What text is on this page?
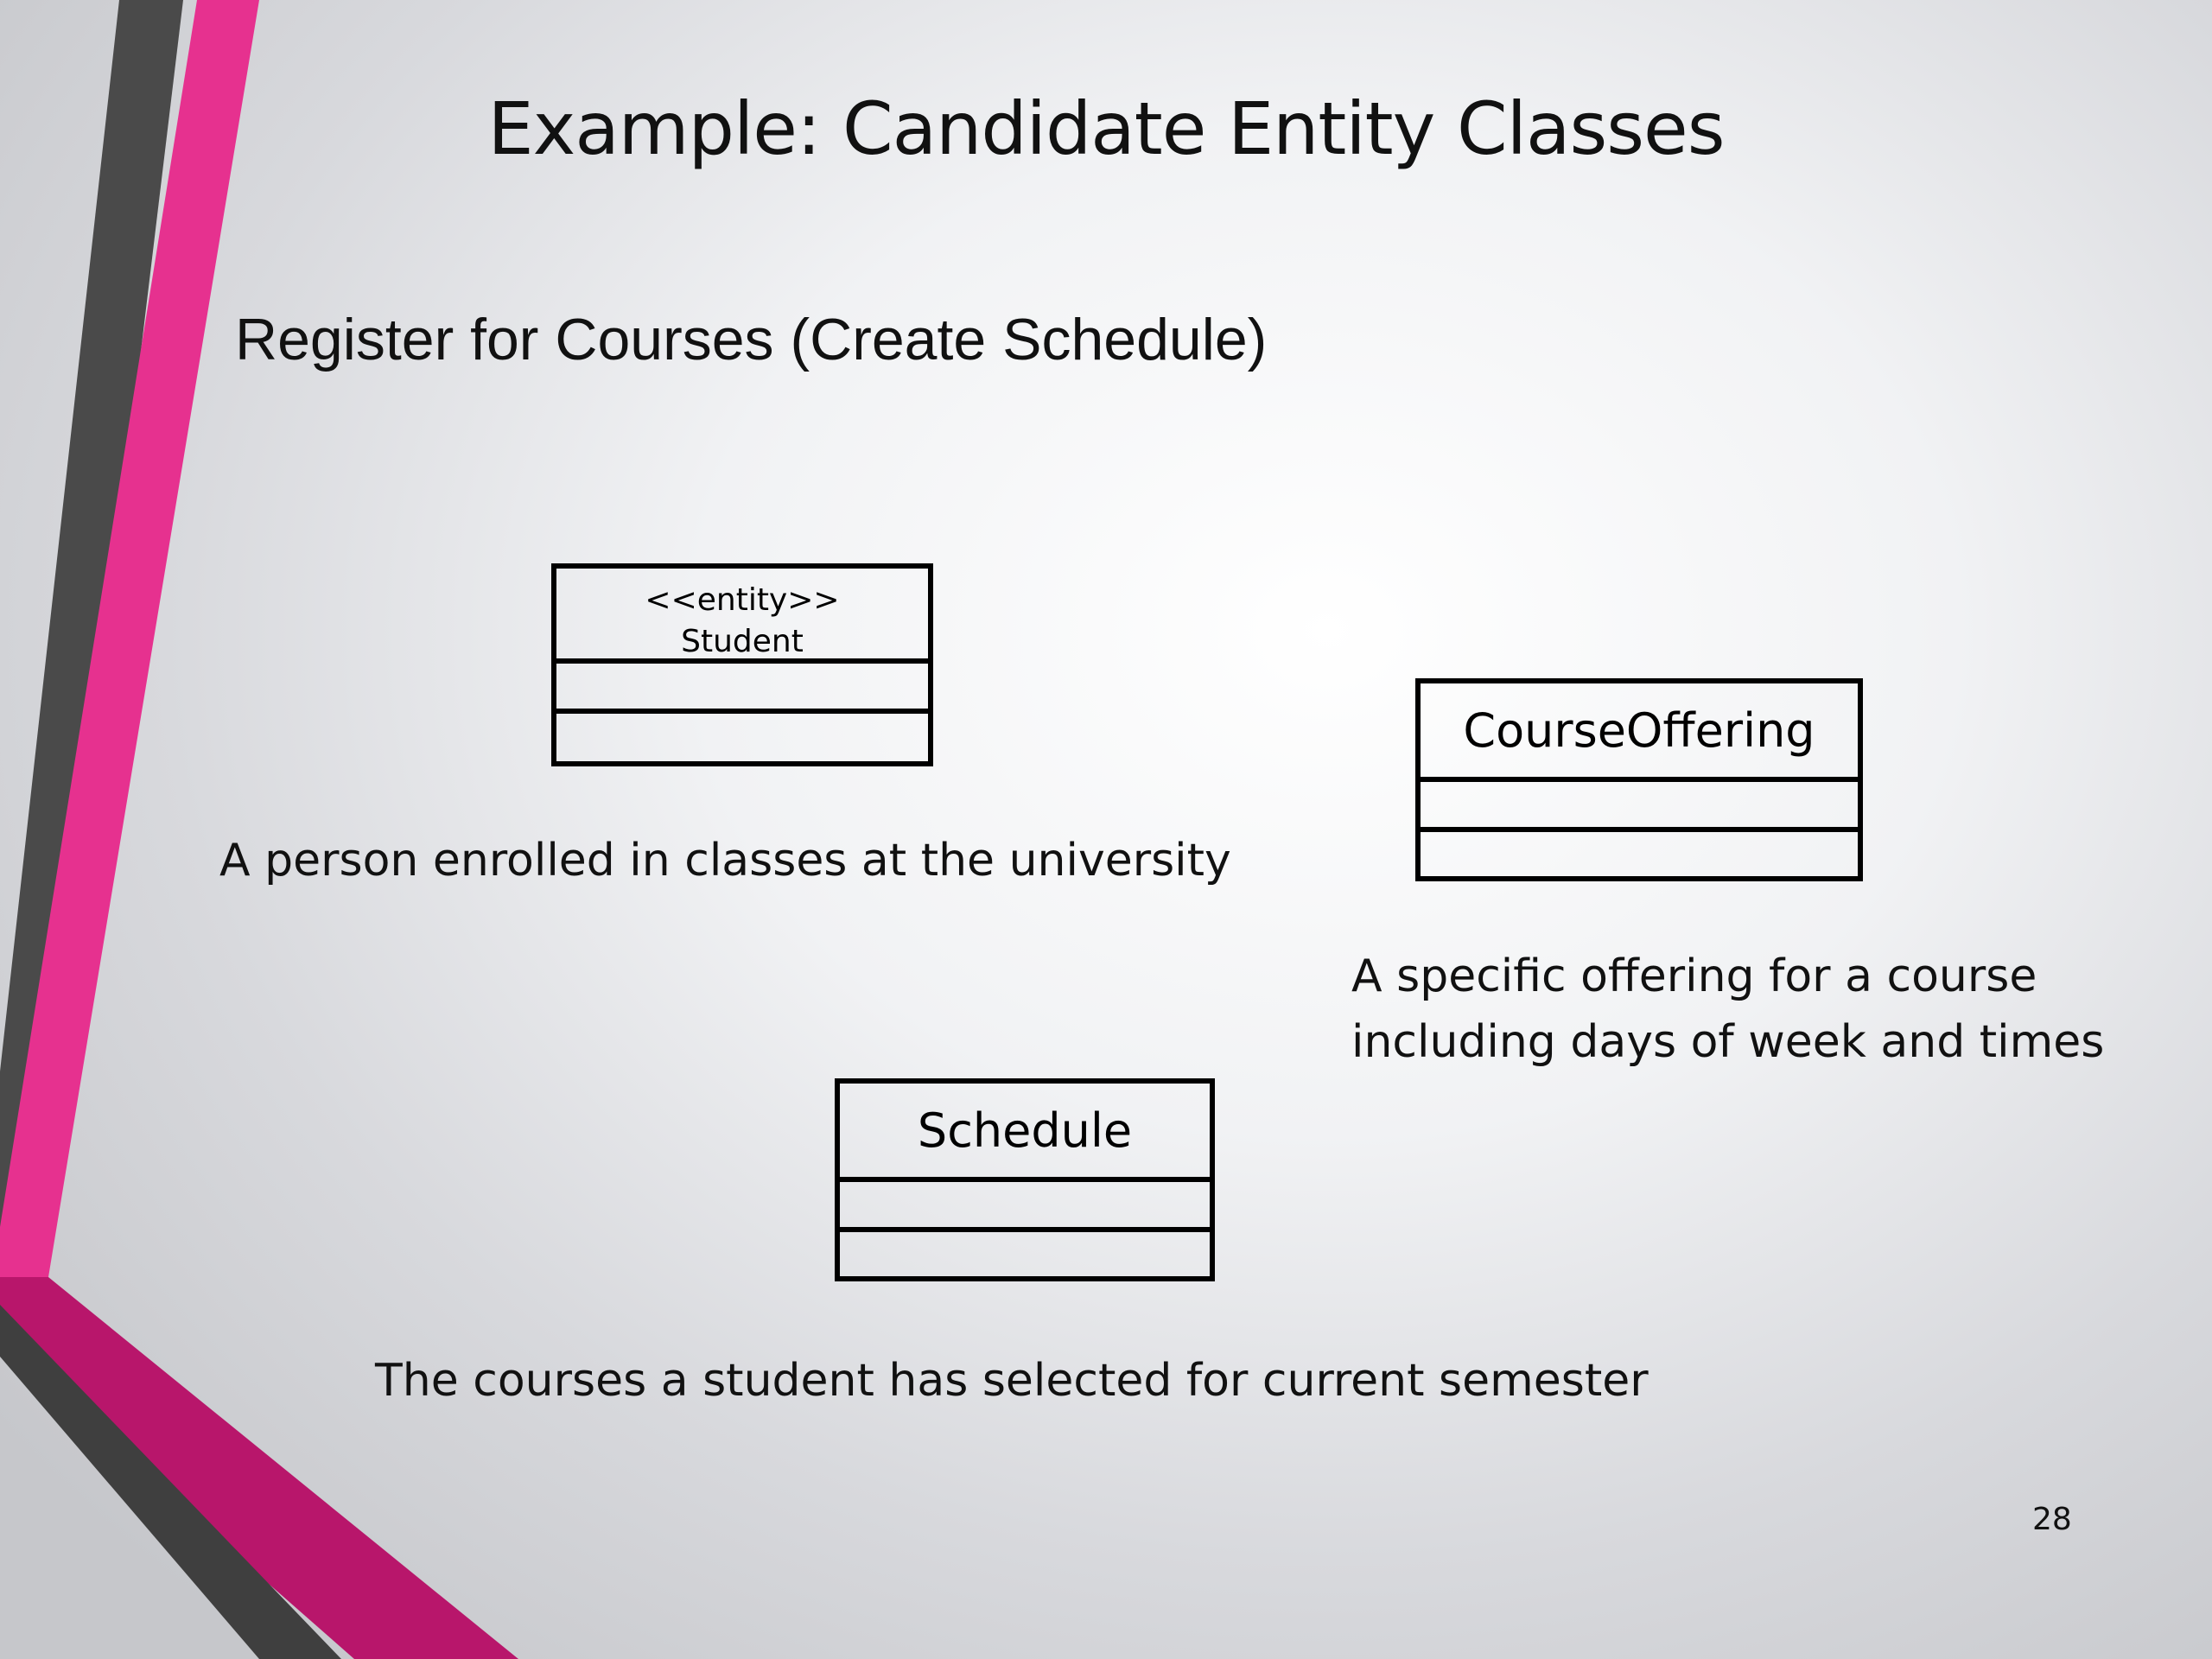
Example: Candidate Entity Classes
Register for Courses (Create Schedule)
<<entity>>
Student
A person enrolled in classes at the university
CourseOffering
A specific offering for a course
including days of week and times
Schedule
The courses a student has selected for current semester
28
